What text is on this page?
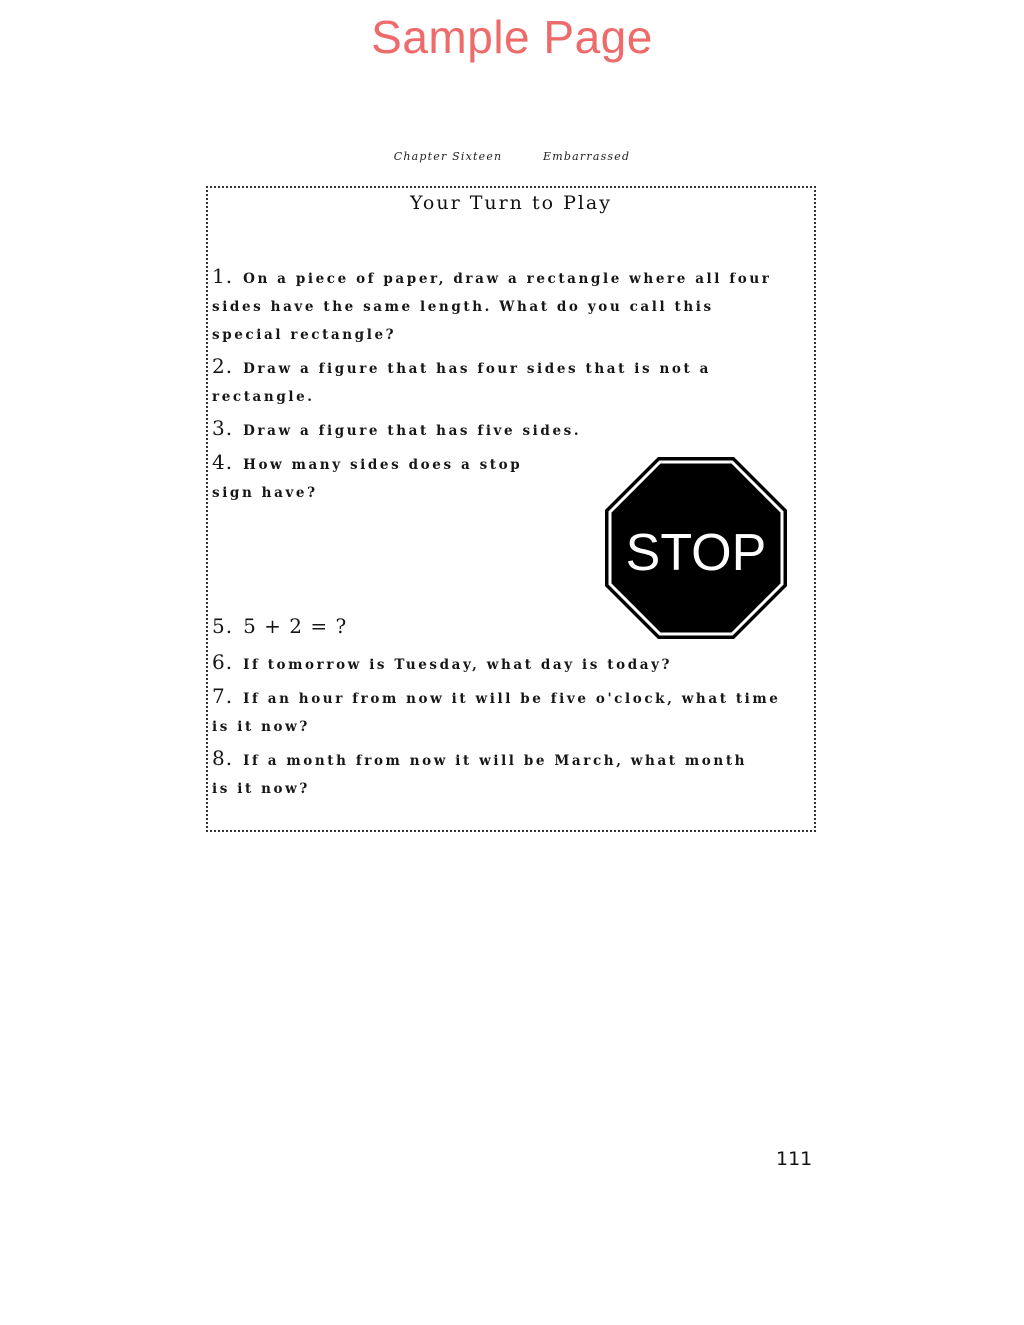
Sample Page
Chapter Sixteen	Embarrassed
Your Turn to Play
1. On a piece of paper, draw a rectangle where all four
sides have the same length. What do you call this
special rectangle?
2. Draw a figure that has four sides that is not a
rectangle.
3. Draw a figure that has five sides.
4. How many sides does a stop
sign have?
5. 5 + 2 = ?
6. If tomorrow is Tuesday, what day is today?
7. If an hour from now it will be five o'clock, what time
is it now?
8. If a month from now it will be March, what month
is it now?
STOP
111
